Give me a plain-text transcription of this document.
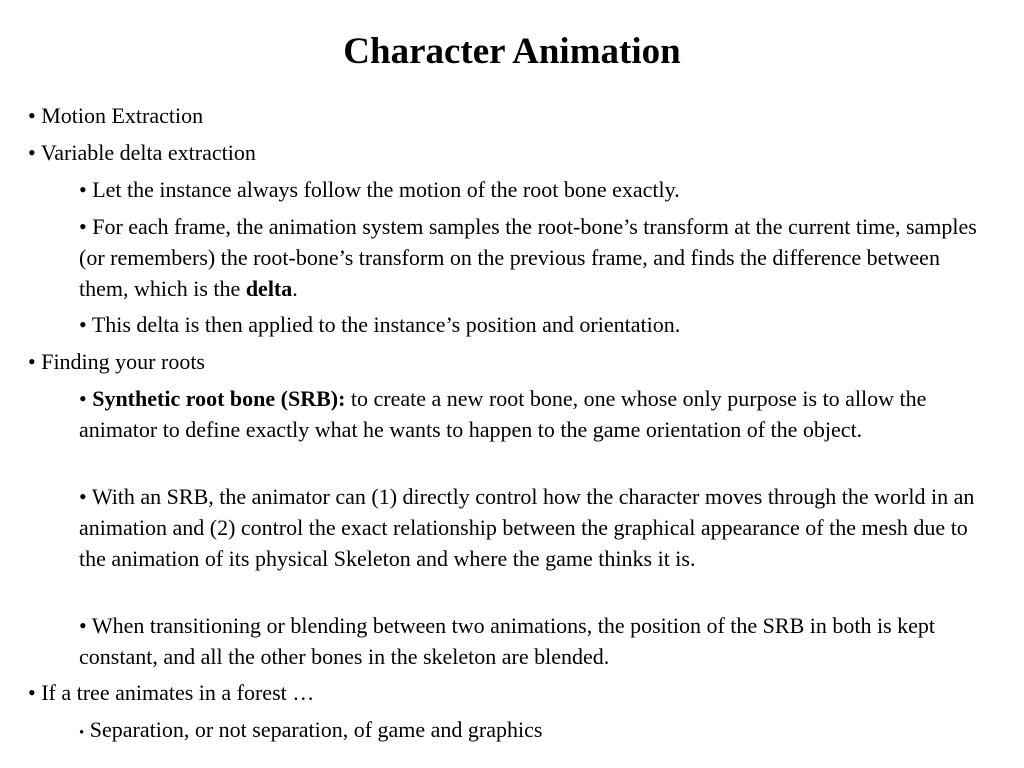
Character Animation

• Motion Extraction

• Variable delta extraction

• Let the instance always follow the motion of the root bone exactly.

• For each frame, the animation system samples the root-bone’s transform at the current time, samples (or remembers) the root-bone’s transform on the previous frame, and finds the difference between them, which is the delta.

• This delta is then applied to the instance’s position and orientation.

• Finding your roots

• Synthetic root bone (SRB): to create a new root bone, one whose only purpose is to allow the animator to define exactly what he wants to happen to the game orientation of the object.

• With an SRB, the animator can (1) directly control how the character moves through the world in an animation and (2) control the exact relationship between the graphical appearance of the mesh due to the animation of its physical Skeleton and where the game thinks it is.

• When transitioning or blending between two animations, the position of the SRB in both is kept constant, and all the other bones in the skeleton are blended.

• If a tree animates in a forest …

• Separation, or not separation, of game and graphics
